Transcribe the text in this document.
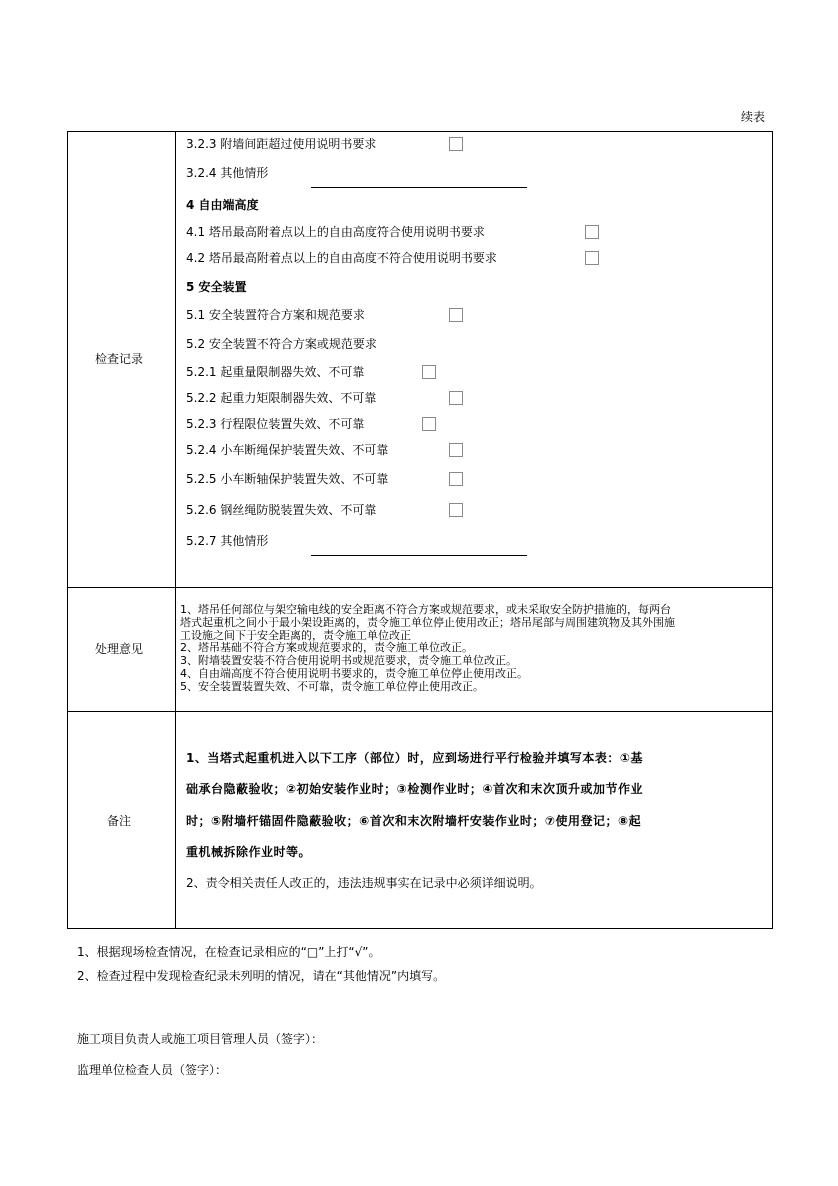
续表
检查记录
处理意见
备注
3.2.3 附墙间距超过使用说明书要求
3.2.4 其他情形
4 自由端高度
4.1 塔吊最高附着点以上的自由高度符合使用说明书要求
4.2 塔吊最高附着点以上的自由高度不符合使用说明书要求
5 安全装置
5.1 安全装置符合方案和规范要求
5.2 安全装置不符合方案或规范要求
5.2.1 起重量限制器失效、不可靠
5.2.2 起重力矩限制器失效、不可靠
5.2.3 行程限位装置失效、不可靠
5.2.4 小车断绳保护装置失效、不可靠
5.2.5 小车断轴保护装置失效、不可靠
5.2.6 钢丝绳防脱装置失效、不可靠
5.2.7 其他情形
1、塔吊任何部位与架空输电线的安全距离不符合方案或规范要求，或未采取安全防护措施的，每两台
塔式起重机之间小于最小架设距离的，责令施工单位停止使用改正；塔吊尾部与周围建筑物及其外围施
工设施之间下于安全距离的，责令施工单位改正
2、塔吊基础不符合方案或规范要求的，责令施工单位改正。
3、附墙装置安装不符合使用说明书或规范要求，责令施工单位改正。
4、自由端高度不符合使用说明书要求的，责令施工单位停止使用改正。
5、安全装置装置失效、不可靠，责令施工单位停止使用改正。
1、当塔式起重机进入以下工序（部位）时，应到场进行平行检验并填写本表：①基
础承台隐蔽验收；②初始安装作业时；③检测作业时；④首次和末次顶升或加节作业
时；⑤附墙杆锚固件隐蔽验收；⑥首次和末次附墙杆安装作业时；⑦使用登记；⑧起
重机械拆除作业时等。
2、责令相关责任人改正的，违法违规事实在记录中必须详细说明。
1、根据现场检查情况，在检查记录相应的“□”上打“√”。
2、检查过程中发现检查纪录未列明的情况，请在“其他情况”内填写。
施工项目负责人或施工项目管理人员（签字）：
监理单位检查人员（签字）：
